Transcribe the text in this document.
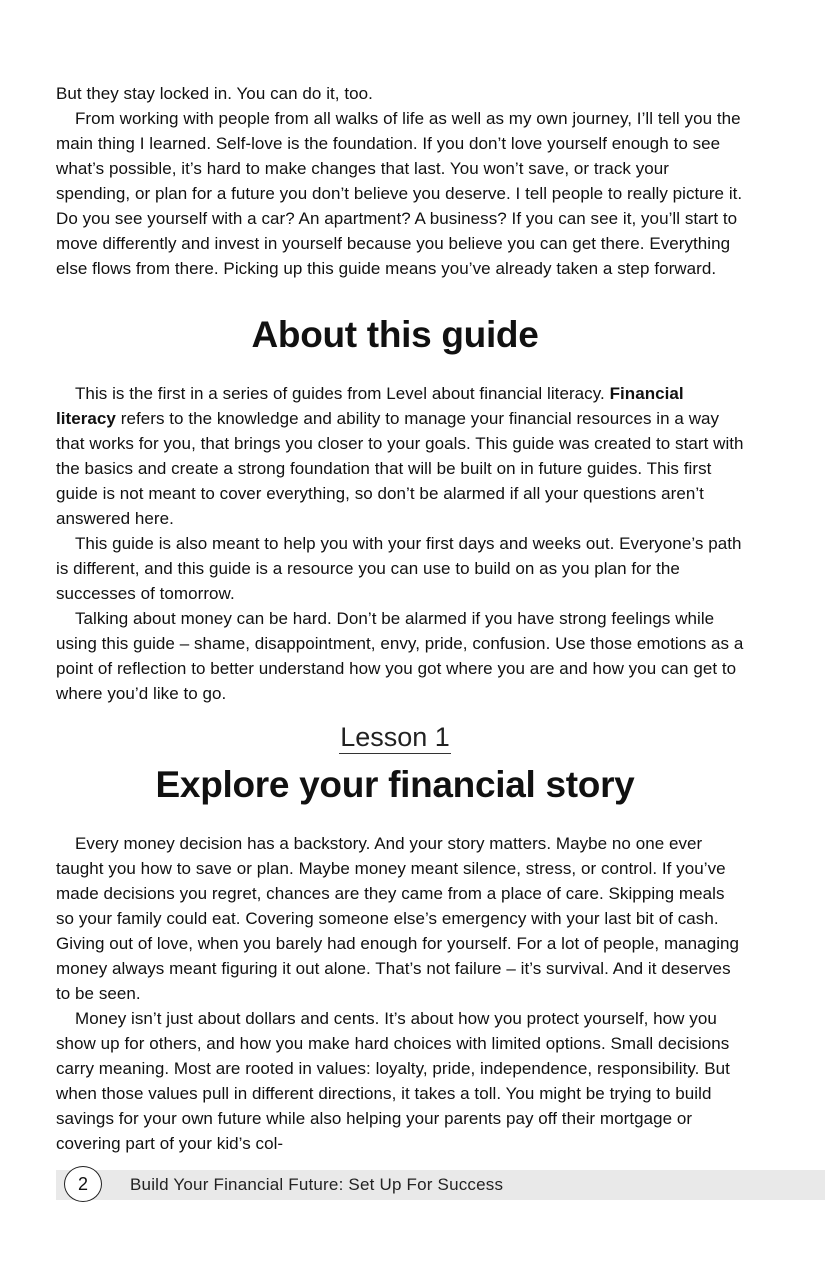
But they stay locked in. You can do it, too.

From working with people from all walks of life as well as my own journey, I’ll tell you the main thing I learned. Self-love is the foundation. If you don’t love yourself enough to see what’s possible, it’s hard to make changes that last. You won’t save, or track your spending, or plan for a future you don’t believe you deserve. I tell people to really picture it. Do you see yourself with a car? An apartment? A business? If you can see it, you’ll start to move differently and invest in yourself because you believe you can get there. Everything else flows from there. Picking up this guide means you’ve already taken a step forward.

About this guide

This is the first in a series of guides from Level about financial literacy. Financial literacy refers to the knowledge and ability to manage your financial resources in a way that works for you, that brings you closer to your goals. This guide was created to start with the basics and create a strong foundation that will be built on in future guides. This first guide is not meant to cover everything, so don’t be alarmed if all your questions aren’t answered here.

This guide is also meant to help you with your first days and weeks out. Everyone’s path is different, and this guide is a resource you can use to build on as you plan for the successes of tomorrow.

Talking about money can be hard. Don’t be alarmed if you have strong feelings while using this guide – shame, disappointment, envy, pride, confusion. Use those emotions as a point of reflection to better understand how you got where you are and how you can get to where you’d like to go.

Lesson 1
Explore your financial story

Every money decision has a backstory. And your story matters. Maybe no one ever taught you how to save or plan. Maybe money meant silence, stress, or control. If you’ve made decisions you regret, chances are they came from a place of care. Skipping meals so your family could eat. Covering someone else’s emergency with your last bit of cash. Giving out of love, when you barely had enough for yourself. For a lot of people, managing money always meant figuring it out alone. That’s not failure – it’s survival. And it deserves to be seen.

Money isn’t just about dollars and cents. It’s about how you protect yourself, how you show up for others, and how you make hard choices with limited options. Small decisions carry meaning. Most are rooted in values: loyalty, pride, independence, responsibility. But when those values pull in different directions, it takes a toll. You might be trying to build savings for your own future while also helping your parents pay off their mortgage or covering part of your kid’s col-

2 Build Your Financial Future: Set Up For Success
